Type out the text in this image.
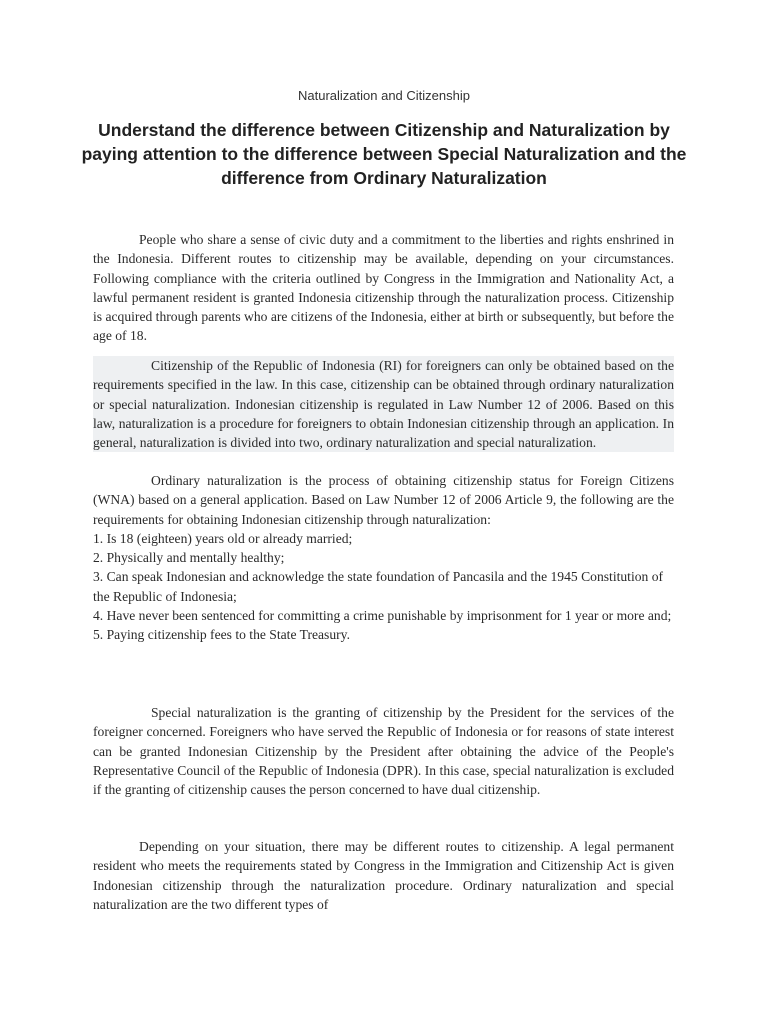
Naturalization and Citizenship

Understand the difference between Citizenship and Naturalization by paying attention to the difference between Special Naturalization and the difference from Ordinary Naturalization

People who share a sense of civic duty and a commitment to the liberties and rights enshrined in the Indonesia. Different routes to citizenship may be available, depending on your circumstances. Following compliance with the criteria outlined by Congress in the Immigration and Nationality Act, a lawful permanent resident is granted Indonesia citizenship through the naturalization process. Citizenship is acquired through parents who are citizens of the Indonesia, either at birth or subsequently, but before the age of 18.

Citizenship of the Republic of Indonesia (RI) for foreigners can only be obtained based on the requirements specified in the law. In this case, citizenship can be obtained through ordinary naturalization or special naturalization. Indonesian citizenship is regulated in Law Number 12 of 2006. Based on this law, naturalization is a procedure for foreigners to obtain Indonesian citizenship through an application. In general, naturalization is divided into two, ordinary naturalization and special naturalization.

Ordinary naturalization is the process of obtaining citizenship status for Foreign Citizens (WNA) based on a general application. Based on Law Number 12 of 2006 Article 9, the following are the requirements for obtaining Indonesian citizenship through naturalization:

1. Is 18 (eighteen) years old or already married;

2. Physically and mentally healthy;

3. Can speak Indonesian and acknowledge the state foundation of Pancasila and the 1945 Constitution of the Republic of Indonesia;

4. Have never been sentenced for committing a crime punishable by imprisonment for 1 year or more and;

5. Paying citizenship fees to the State Treasury.

Special naturalization is the granting of citizenship by the President for the services of the foreigner concerned. Foreigners who have served the Republic of Indonesia or for reasons of state interest can be granted Indonesian Citizenship by the President after obtaining the advice of the People's Representative Council of the Republic of Indonesia (DPR). In this case, special naturalization is excluded if the granting of citizenship causes the person concerned to have dual citizenship.

Depending on your situation, there may be different routes to citizenship. A legal permanent resident who meets the requirements stated by Congress in the Immigration and Citizenship Act is given Indonesian citizenship through the naturalization procedure. Ordinary naturalization and special naturalization are the two different types of
